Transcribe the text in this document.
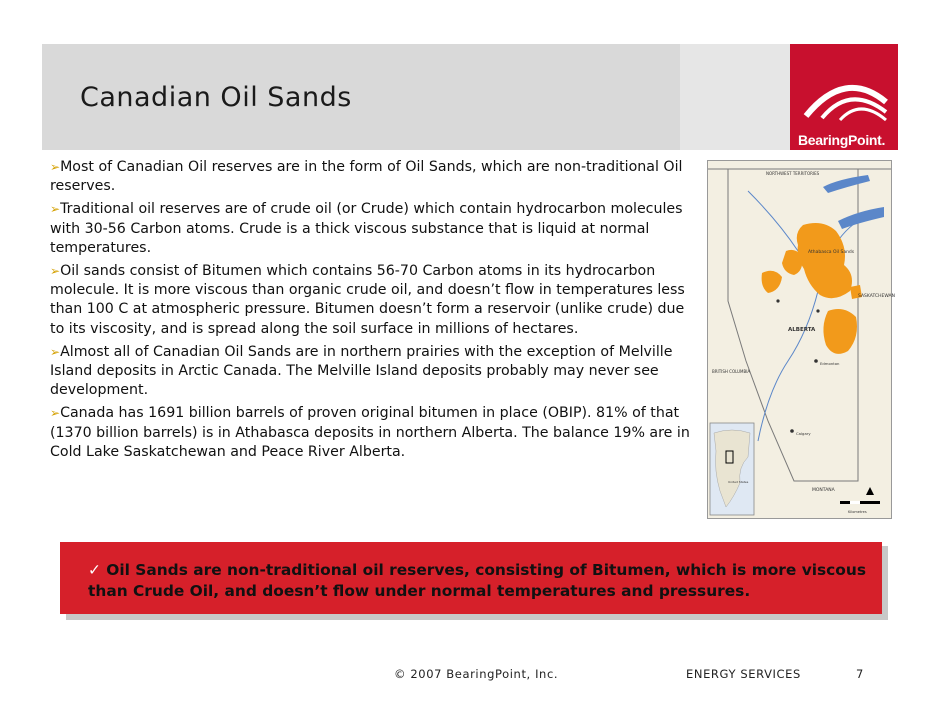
Canadian Oil Sands
BearingPoint.
➢Most of Canadian Oil reserves are in the form of Oil Sands, which are non-traditional Oil reserves.
➢Traditional oil reserves are of crude oil (or Crude) which contain hydrocarbon molecules with 30-56 Carbon atoms. Crude is a thick viscous substance that is liquid at normal temperatures.
➢Oil sands consist of Bitumen which contains 56-70 Carbon atoms in its hydrocarbon molecule. It is more viscous than organic crude oil, and doesn’t flow in temperatures less than 100 C at atmospheric pressure. Bitumen doesn’t form a reservoir (unlike crude) due to its viscosity, and is spread along the soil surface in millions of hectares.
➢Almost all of Canadian Oil Sands are in northern prairies with the exception of Melville Island deposits in Arctic Canada. The Melville Island deposits probably may never see development.
➢Canada has 1691 billion barrels of proven original bitumen in place (OBIP). 81% of that (1370 billion barrels) is in Athabasca deposits in northern Alberta. The balance 19% are in Cold Lake Saskatchewan and Peace River Alberta.
NORTHWEST TERRITORIES
SASKATCHEWAN
ALBERTA
BRITISH COLUMBIA
Athabasca Oil Sands
Edmonton
Calgary
MONTANA
United States
Kilometres
✓ Oil Sands are non-traditional oil reserves, consisting of Bitumen, which is more viscous than Crude Oil, and doesn’t flow under normal temperatures and pressures.
© 2007 BearingPoint, Inc.	ENERGY SERVICES	7
